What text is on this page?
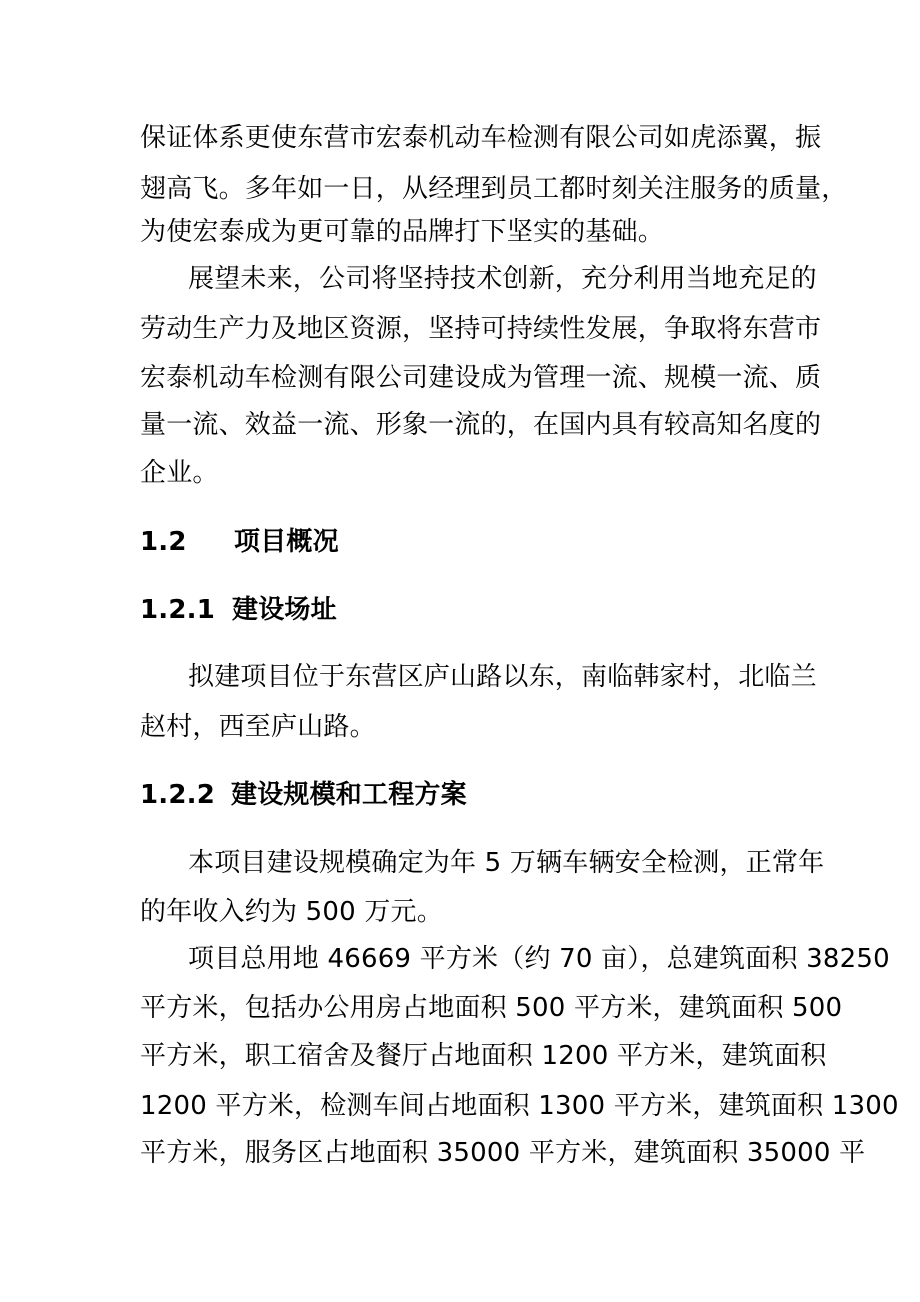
保证体系更使东营市宏泰机动车检测有限公司如虎添翼，振
翅高飞。多年如一日，从经理到员工都时刻关注服务的质量，
为使宏泰成为更可靠的品牌打下坚实的基础。
展望未来，公司将坚持技术创新，充分利用当地充足的
劳动生产力及地区资源，坚持可持续性发展，争取将东营市
宏泰机动车检测有限公司建设成为管理一流、规模一流、质
量一流、效益一流、形象一流的，在国内具有较高知名度的
企业。
1.2 项目概况
1.2.1 建设场址
拟建项目位于东营区庐山路以东，南临韩家村，北临兰
赵村，西至庐山路。
1.2.2 建设规模和工程方案
本项目建设规模确定为年 5 万辆车辆安全检测，正常年
的年收入约为 500 万元。
项目总用地 46669 平方米（约 70 亩），总建筑面积 38250
平方米，包括办公用房占地面积 500 平方米，建筑面积 500
平方米，职工宿舍及餐厅占地面积 1200 平方米，建筑面积
1200 平方米，检测车间占地面积 1300 平方米，建筑面积 1300
平方米，服务区占地面积 35000 平方米，建筑面积 35000 平
